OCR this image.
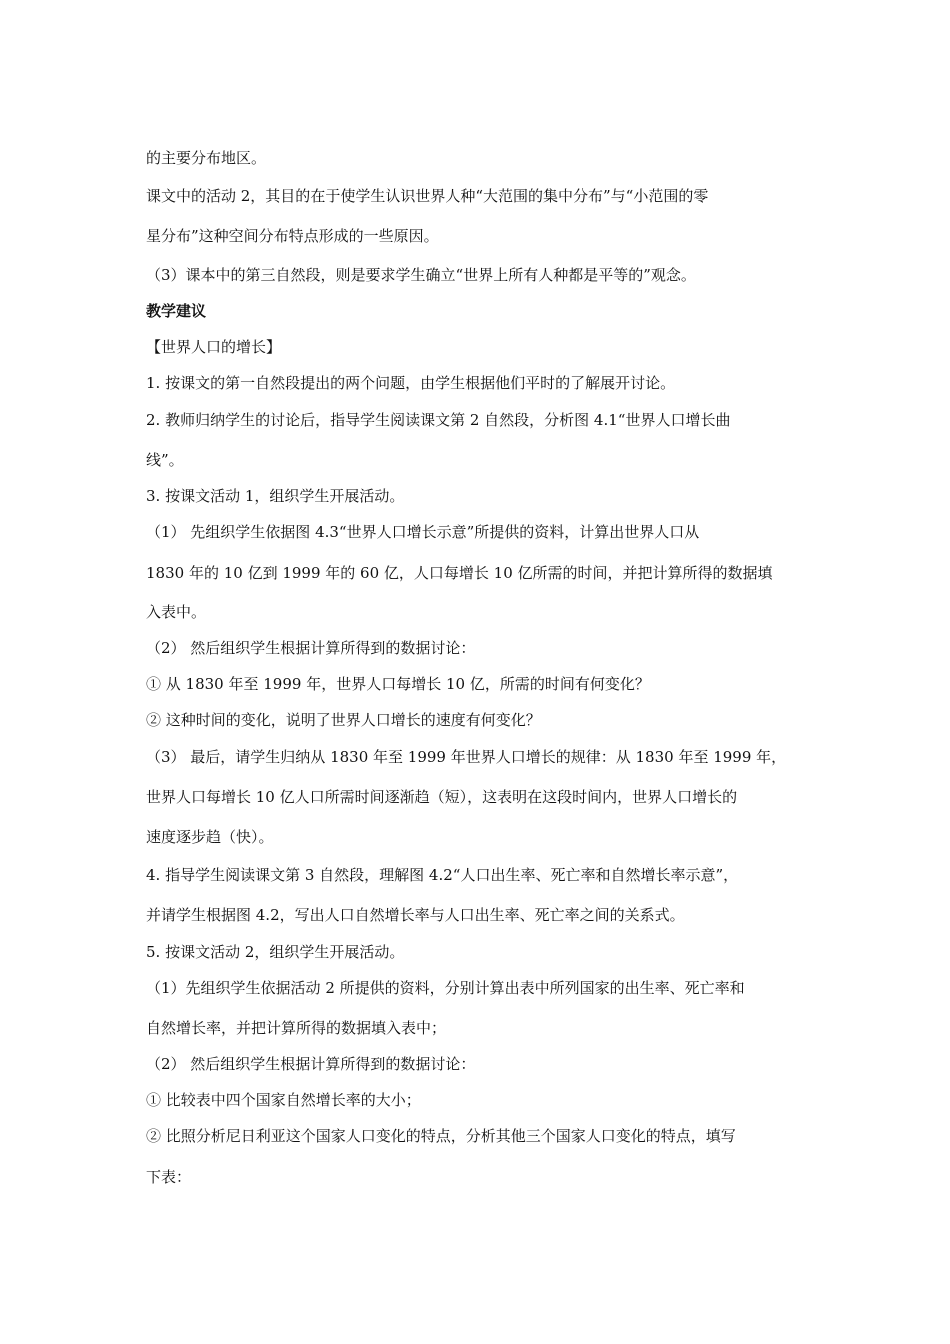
的主要分布地区。
课文中的活动 2，其目的在于使学生认识世界人种“大范围的集中分布”与“小范围的零
星分布”这种空间分布特点形成的一些原因。
（3）课本中的第三自然段，则是要求学生确立“世界上所有人种都是平等的”观念。
教学建议
【世界人口的增长】
1. 按课文的第一自然段提出的两个问题，由学生根据他们平时的了解展开讨论。
2. 教师归纳学生的讨论后，指导学生阅读课文第 2 自然段，分析图 4.1“世界人口增长曲
线”。
3. 按课文活动 1，组织学生开展活动。
（1） 先组织学生依据图 4.3“世界人口增长示意”所提供的资料，计算出世界人口从
1830 年的 10 亿到 1999 年的 60 亿，人口每增长 10 亿所需的时间，并把计算所得的数据填
入表中。
（2） 然后组织学生根据计算所得到的数据讨论：
① 从 1830 年至 1999 年，世界人口每增长 10 亿，所需的时间有何变化？
② 这种时间的变化，说明了世界人口增长的速度有何变化？
（3） 最后，请学生归纳从 1830 年至 1999 年世界人口增长的规律：从 1830 年至 1999 年，
世界人口每增长 10 亿人口所需时间逐渐趋（短），这表明在这段时间内，世界人口增长的
速度逐步趋（快）。
4. 指导学生阅读课文第 3 自然段，理解图 4.2“人口出生率、死亡率和自然增长率示意”，
并请学生根据图 4.2，写出人口自然增长率与人口出生率、死亡率之间的关系式。
5. 按课文活动 2，组织学生开展活动。
（1）先组织学生依据活动 2 所提供的资料，分别计算出表中所列国家的出生率、死亡率和
自然增长率，并把计算所得的数据填入表中；
（2） 然后组织学生根据计算所得到的数据讨论：
① 比较表中四个国家自然增长率的大小；
② 比照分析尼日利亚这个国家人口变化的特点，分析其他三个国家人口变化的特点，填写
下表：
